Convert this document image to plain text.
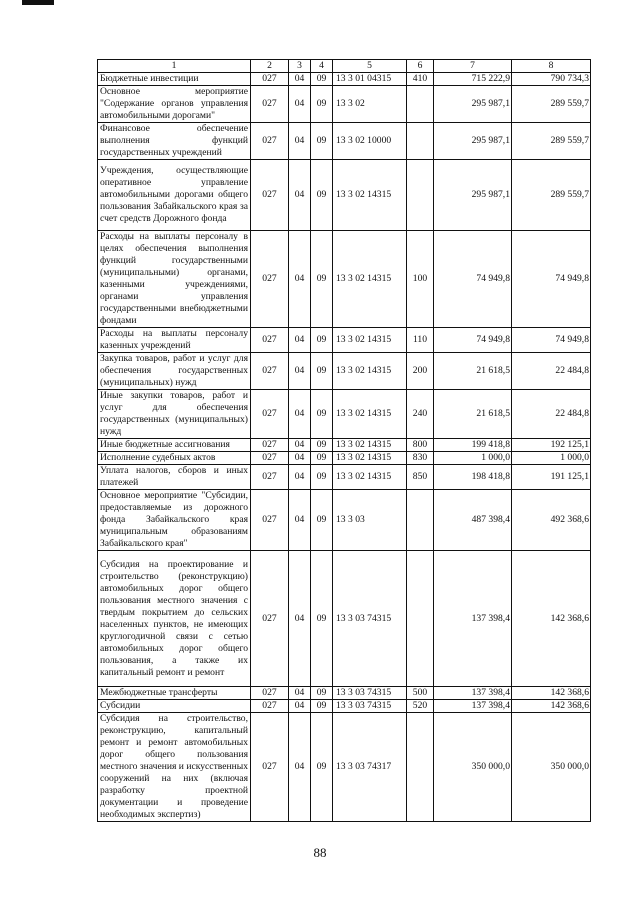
1	2	3	4	5	6	7	8
Бюджетные инвестиции	027	04	09	13 3 01 04315	410	715 222,9	790 734,3
Основное мероприятие "Содержание органов управления автомобильными дорогами"	027	04	09	13 3 02		295 987,1	289 559,7
Финансовое обеспечение выполнения функций государственных учреждений	027	04	09	13 3 02 10000		295 987,1	289 559,7
Учреждения, осуществляющие оперативное управление автомобильными дорогами общего пользования Забайкальского края за счет средств Дорожного фонда	027	04	09	13 3 02 14315		295 987,1	289 559,7
Расходы на выплаты персоналу в целях обеспечения выполнения функций государственными (муниципальными) органами, казенными учреждениями, органами управления государственными внебюджетными фондами	027	04	09	13 3 02 14315	100	74 949,8	74 949,8
Расходы на выплаты персоналу казенных учреждений	027	04	09	13 3 02 14315	110	74 949,8	74 949,8
Закупка товаров, работ и услуг для обеспечения государственных (муниципальных) нужд	027	04	09	13 3 02 14315	200	21 618,5	22 484,8
Иные закупки товаров, работ и услуг для обеспечения государственных (муниципальных) нужд	027	04	09	13 3 02 14315	240	21 618,5	22 484,8
Иные бюджетные ассигнования	027	04	09	13 3 02 14315	800	199 418,8	192 125,1
Исполнение судебных актов	027	04	09	13 3 02 14315	830	1 000,0	1 000,0
Уплата налогов, сборов и иных платежей	027	04	09	13 3 02 14315	850	198 418,8	191 125,1
Основное мероприятие "Субсидии, предоставляемые из дорожного фонда Забайкальского края муниципальным образованиям Забайкальского края"	027	04	09	13 3 03		487 398,4	492 368,6
Субсидия на проектирование и строительство (реконструкцию) автомобильных дорог общего пользования местного значения с твердым покрытием до сельских населенных пунктов, не имеющих круглогодичной связи с сетью автомобильных дорог общего пользования, а также их капитальный ремонт и ремонт	027	04	09	13 3 03 74315		137 398,4	142 368,6
Межбюджетные трансферты	027	04	09	13 3 03 74315	500	137 398,4	142 368,6
Субсидии	027	04	09	13 3 03 74315	520	137 398,4	142 368,6
Субсидия на строительство, реконструкцию, капитальный ремонт и ремонт автомобильных дорог общего пользования местного значения и искусственных сооружений на них (включая разработку проектной документации и проведение необходимых экспертиз)	027	04	09	13 3 03 74317		350 000,0	350 000,0
88
